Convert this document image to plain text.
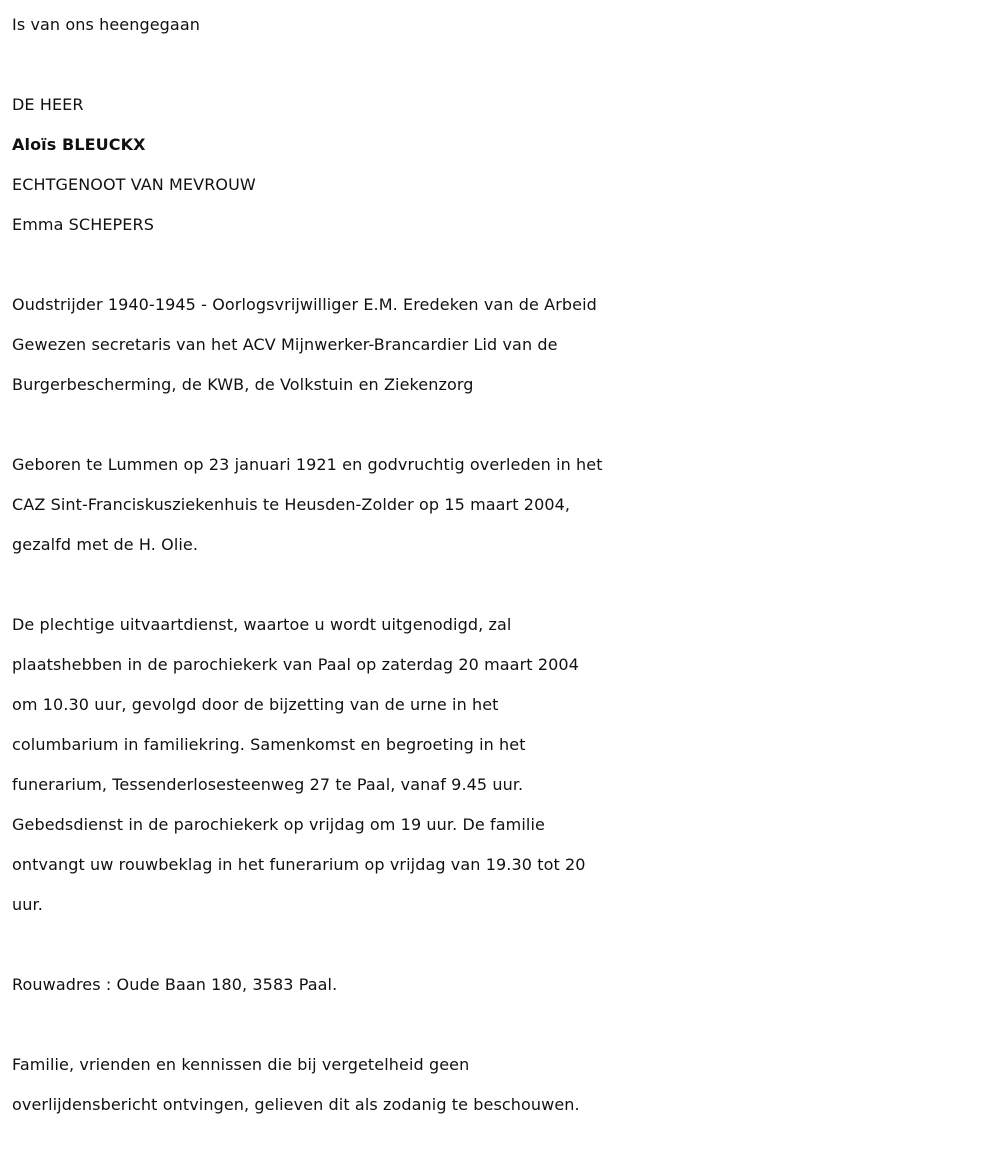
Is van ons heengegaan
DE HEER
Aloïs BLEUCKX
ECHTGENOOT VAN MEVROUW
Emma SCHEPERS
Oudstrijder 1940-1945 - Oorlogsvrijwilliger E.M. Eredeken van de Arbeid
Gewezen secretaris van het ACV Mijnwerker-Brancardier Lid van de
Burgerbescherming, de KWB, de Volkstuin en Ziekenzorg
Geboren te Lummen op 23 januari 1921 en godvruchtig overleden in het
CAZ Sint-Franciskusziekenhuis te Heusden-Zolder op 15 maart 2004,
gezalfd met de H. Olie.
De plechtige uitvaartdienst, waartoe u wordt uitgenodigd, zal
plaatshebben in de parochiekerk van Paal op zaterdag 20 maart 2004
om 10.30 uur, gevolgd door de bijzetting van de urne in het
columbarium in familiekring. Samenkomst en begroeting in het
funerarium, Tessenderlosesteenweg 27 te Paal, vanaf 9.45 uur.
Gebedsdienst in de parochiekerk op vrijdag om 19 uur. De familie
ontvangt uw rouwbeklag in het funerarium op vrijdag van 19.30 tot 20
uur.
Rouwadres : Oude Baan 180, 3583 Paal.
Familie, vrienden en kennissen die bij vergetelheid geen
overlijdensbericht ontvingen, gelieven dit als zodanig te beschouwen.
